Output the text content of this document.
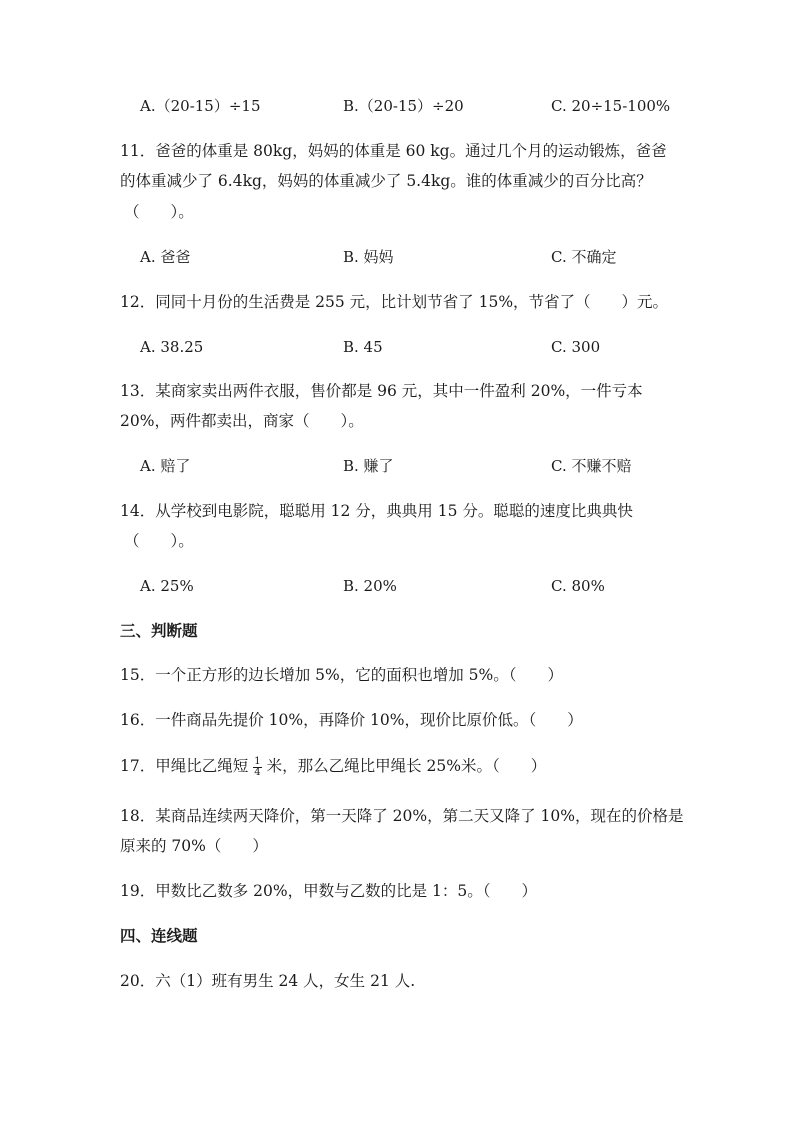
A.（20-15）÷15	B.（20-15）÷20	C. 20÷15-100%
11．爸爸的体重是 80kg，妈妈的体重是 60 kg。通过几个月的运动锻炼，爸爸
的体重减少了 6.4kg，妈妈的体重减少了 5.4kg。谁的体重减少的百分比高？
（　　）。
A. 爸爸	B. 妈妈	C. 不确定
12．同同十月份的生活费是 255 元，比计划节省了 15%，节省了（　　）元。
A. 38.25	B. 45	C. 300
13．某商家卖出两件衣服，售价都是 96 元，其中一件盈利 20%，一件亏本
20%，两件都卖出，商家（　　）。
A. 赔了	B. 赚了	C. 不赚不赔
14．从学校到电影院，聪聪用 12 分，典典用 15 分。聪聪的速度比典典快
（　　）。
A. 25%	B. 20%	C. 80%
三、判断题
15．一个正方形的边长增加 5%，它的面积也增加 5%。（　　）
16．一件商品先提价 10%，再降价 10%，现价比原价低。（　　）
17．甲绳比乙绳短 $\frac{1}{4}$ 米，那么乙绳比甲绳长 25%米。（　　）
18．某商品连续两天降价，第一天降了 20%，第二天又降了 10%，现在的价格是
原来的 70%（　　）
19．甲数比乙数多 20%，甲数与乙数的比是 1：5。（　　）
四、连线题
20．六（1）班有男生 24 人，女生 21 人.
